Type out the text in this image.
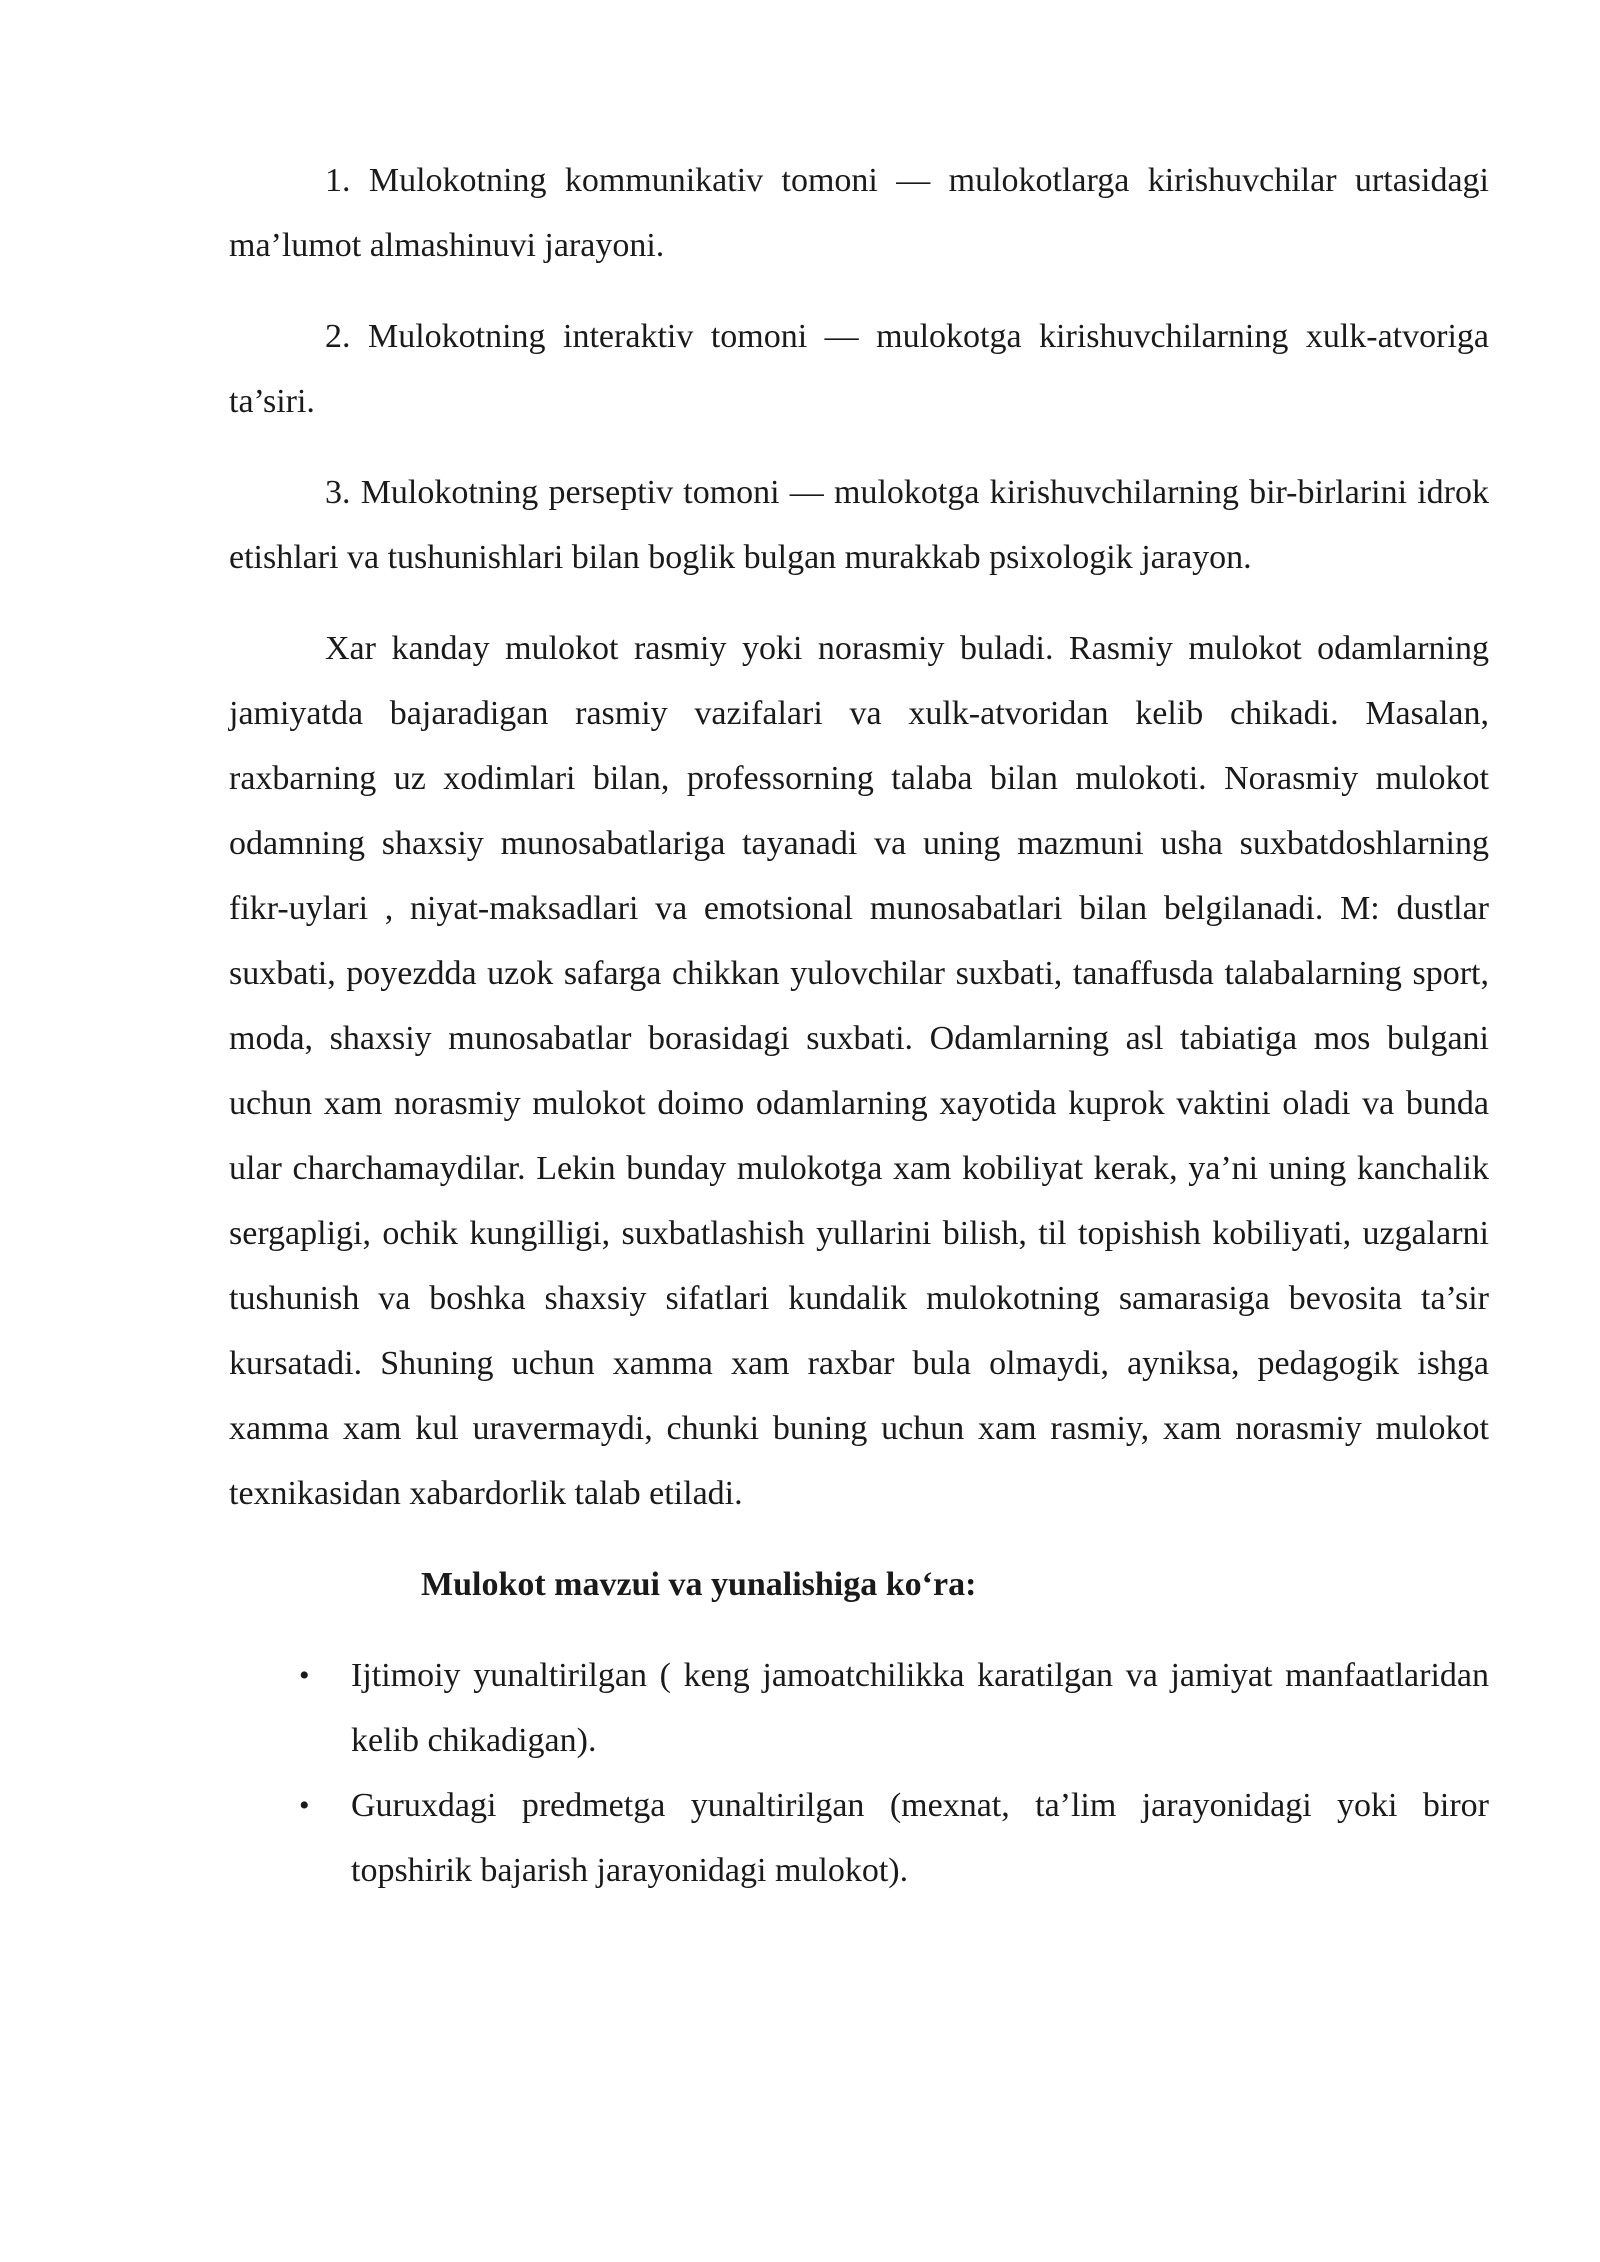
1. Mulokotning kommunikativ tomoni — mulokotlarga kirishuvchilar urtasidagi ma’lumot almashinuvi jarayoni.

2. Mulokotning interaktiv tomoni — mulokotga kirishuvchilarning xulk-atvoriga ta’siri.

3. Mulokotning perseptiv tomoni — mulokotga kirishuvchilarning bir-birlarini idrok etishlari va tushunishlari bilan boglik bulgan murakkab psixologik jarayon.

Xar kanday mulokot rasmiy yoki norasmiy buladi. Rasmiy mulokot odamlarning jamiyatda bajaradigan rasmiy vazifalari va xulk-atvoridan kelib chikadi. Masalan, raxbarning uz xodimlari bilan, professorning talaba bilan mulokoti. Norasmiy mulokot odamning shaxsiy munosabatlariga tayanadi va uning mazmuni usha suxbatdoshlarning fikr-uylari , niyat-maksadlari va emotsional munosabatlari bilan belgilanadi. M: dustlar suxbati, poyezdda uzok safarga chikkan yulovchilar suxbati, tanaffusda talabalarning sport, moda, shaxsiy munosabatlar borasidagi suxbati. Odamlarning asl tabiatiga mos bulgani uchun xam norasmiy mulokot doimo odamlarning xayotida kuprok vaktini oladi va bunda ular charchamaydilar. Lekin bunday mulokotga xam kobiliyat kerak, ya’ni uning kanchalik sergapligi, ochik kungilligi, suxbatlashish yullarini bilish, til topishish kobiliyati, uzgalarni tushunish va boshka shaxsiy sifatlari kundalik mulokotning samarasiga bevosita ta’sir kursatadi. Shuning uchun xamma xam raxbar bula olmaydi, ayniksa, pedagogik ishga xamma xam kul uravermaydi, chunki buning uchun xam rasmiy, xam norasmiy mulokot texnikasidan xabardorlik talab etiladi.

Mulokot mavzui va yunalishiga ko‘ra:

• Ijtimoiy yunaltirilgan ( keng jamoatchilikka karatilgan va jamiyat manfaatlaridan kelib chikadigan).
• Guruxdagi predmetga yunaltirilgan (mexnat, ta’lim jarayonidagi yoki biror topshirik bajarish jarayonidagi mulokot).
